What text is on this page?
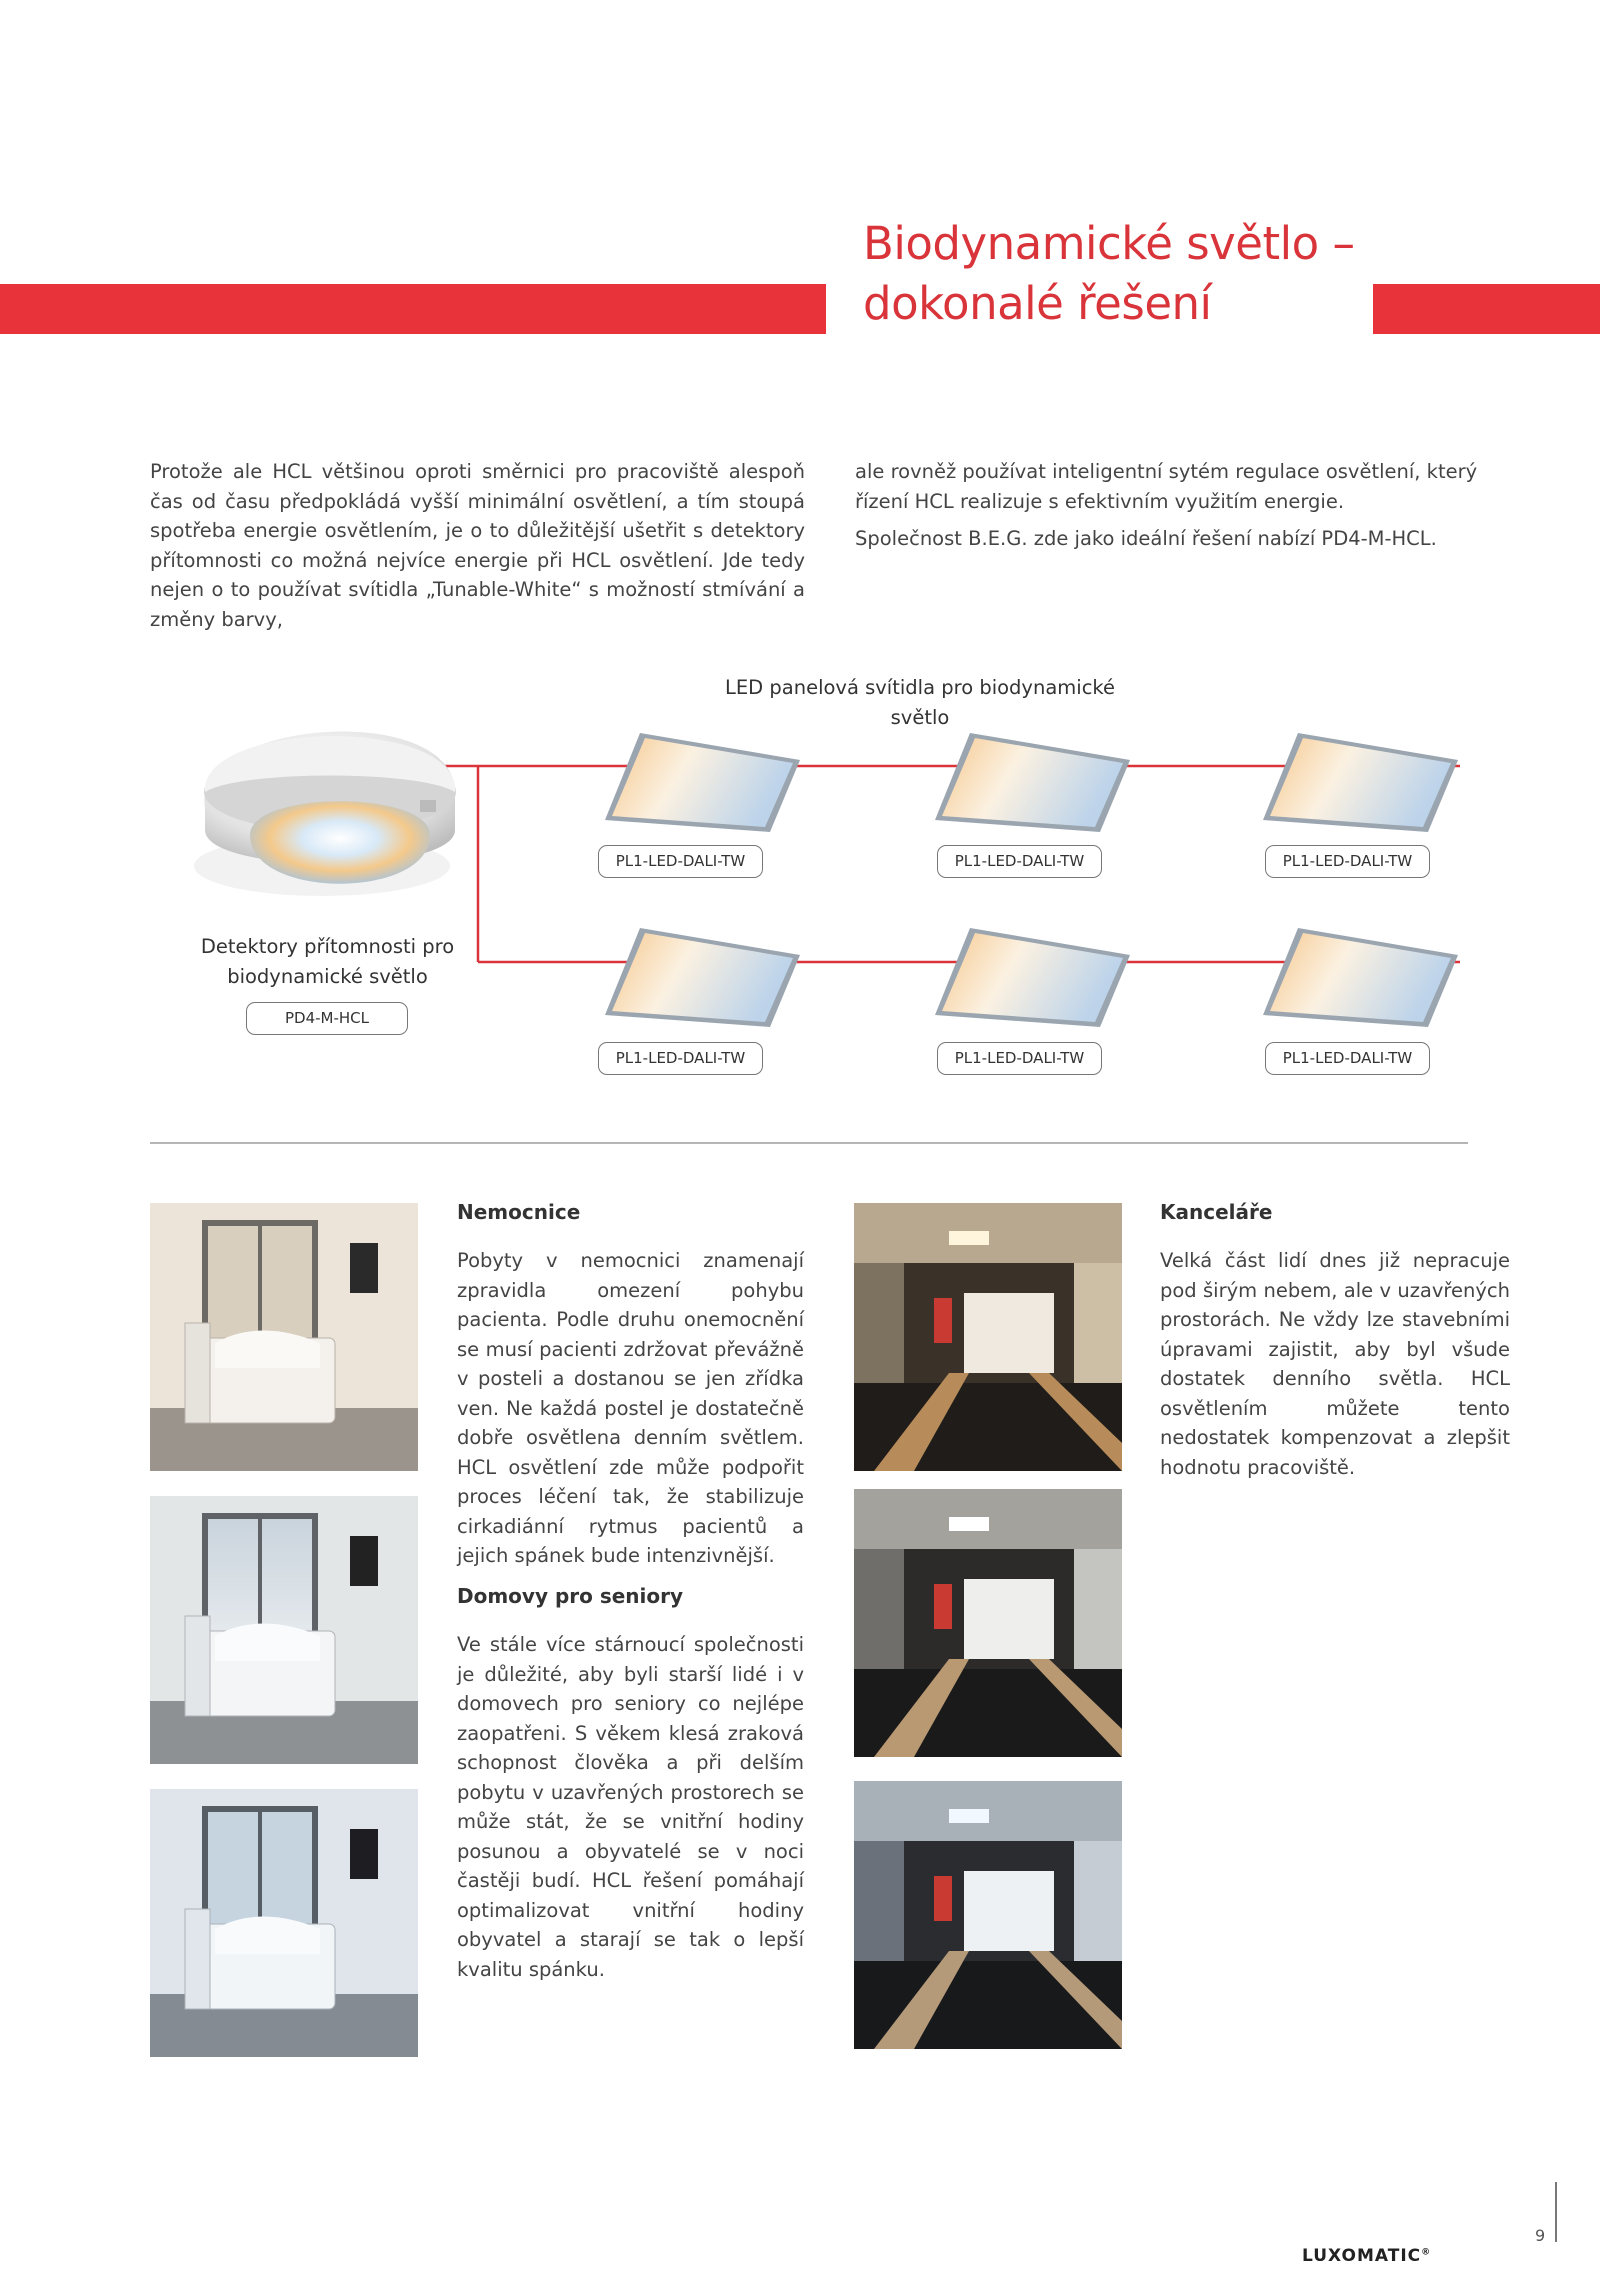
Biodynamické světlo –
dokonalé řešení

Protože ale HCL většinou oproti směrnici pro pracoviště alespoň čas od času předpokládá vyšší minimální osvětlení, a tím stoupá spotřeba energie osvětlením, je o to důležitější ušetřit s detektory přítomnosti co možná nejvíce energie při HCL osvětlení. Jde tedy nejen o to používat svítidla „Tunable-White“ s možností stmívání a změny barvy,

ale rovněž používat inteligentní sytém regulace osvětlení, který řízení HCL realizuje s efektivním využitím energie.

Společnost B.E.G. zde jako ideální řešení nabízí PD4-M-HCL.

LED panelová svítidla pro biodynamické světlo
PL1-LED-DALI-TW	PL1-LED-DALI-TW	PL1-LED-DALI-TW
PL1-LED-DALI-TW	PL1-LED-DALI-TW	PL1-LED-DALI-TW
Detektory přítomnosti pro
biodynamické světlo
PD4-M-HCL
Nemocnice
Pobyty v nemocnici znamenají zpravidla omezení pohybu pacienta. Podle druhu onemocnění se musí pacienti zdržovat převážně v posteli a dostanou se jen zřídka ven. Ne každá postel je dostatečně dobře osvětlena denním světlem. HCL osvětlení zde může podpořit proces léčení tak, že stabilizuje cirkadiánní rytmus pacientů a jejich spánek bude intenzivnější.
Domovy pro seniory
Ve stále více stárnoucí společnosti je důležité, aby byli starší lidé i v domovech pro seniory co nejlépe zaopatřeni. S věkem klesá zraková schopnost člověka a při delším pobytu v uzavřených prostorech se může stát, že se vnitřní hodiny posunou a obyvatelé se v noci častěji budí. HCL řešení pomáhají optimalizovat vnitřní hodiny obyvatel a starají se tak o lepší kvalitu spánku.
Kanceláře
Velká část lidí dnes již nepracuje pod širým nebem, ale v uzavřených prostorách. Ne vždy lze stavebními úpravami zajistit, aby byl všude dostatek denního světla. HCL osvětlením můžete tento nedostatek kompenzovat a zlepšit hodnotu pracoviště.
LUXOMATIC®
9
